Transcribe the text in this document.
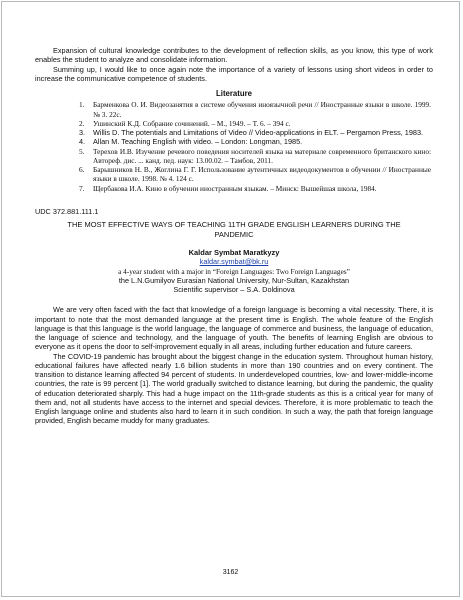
Expansion of cultural knowledge contributes to the development of reflection skills, as you know, this type of work enables the student to analyze and consolidate information.

Summing up, I would like to once again note the importance of a variety of lessons using short videos in order to increase the communicative competence of students.

Literature
1.	Барменкова О. И. Видеозанятия в системе обучения иноязычной речи // Иностранные языки в школе. 1999. № 3. 22с.
2.	Ушинский К.Д. Собрание сочинений. – М., 1949. – Т. 6. – 394 с.
3.	Willis D. The potentials and Limitations of Video // Video-applications in ELT. – Pergamon Press, 1983.
4.	Allan M. Teaching English with video. – London: Longman, 1985.
5.	Терехов И.В. Изучение речевого поведения носителей языка на материале современного британского кино: Автореф. дис. ... канд. пед. наук: 13.00.02. – Тамбов, 2011.
6.	Барышников Н. В., Жоглина Г. Г. Использование аутентичных видеодокументов в обучении // Иностранные языки в школе. 1998. № 4. 124 с.
7.	Щербакова И.А. Кино в обучении иностранным языкам. – Минск: Вышейшая школа, 1984.
UDC 372.881.111.1
THE MOST EFFECTIVE WAYS OF TEACHING 11TH GRADE ENGLISH LEARNERS DURING THE PANDEMIC
Kaldar Symbat Maratkyzy
kaldar.symbat@bk.ru
a 4-year student with a major in “Foreign Languages: Two Foreign Languages”
the L.N.Gumilyov Eurasian National University, Nur-Sultan, Kazakhstan
Scientific supervisor – S.A. Doldinova

We are very often faced with the fact that knowledge of a foreign language is becoming a vital necessity. There, it is important to note that the most demanded language at the present time is English. The whole feature of the English language is that this language is the world language, the language of commerce and business, the language of education, the language of science and technology, and the language of youth. The benefits of learning English are obvious to everyone as it opens the door to self-improvement equally in all areas, including further education and future careers.

The COVID-19 pandemic has brought about the biggest change in the education system. Throughout human history, educational failures have affected nearly 1.6 billion students in more than 190 countries and on every continent. The transition to distance learning affected 94 percent of students. In underdeveloped countries, low- and lower-middle-income countries, the rate is 99 percent [1]. The world gradually switched to distance learning, but during the pandemic, the quality of education deteriorated sharply. This had a huge impact on the 11th-grade students as this is a critical year for many of them and, not all students have access to the internet and special devices. Therefore, it is more problematic to teach the English language online and students also hard to learn it in such condition. In such a way, the path that foreign language provided, English became muddy for many graduates.

3162
